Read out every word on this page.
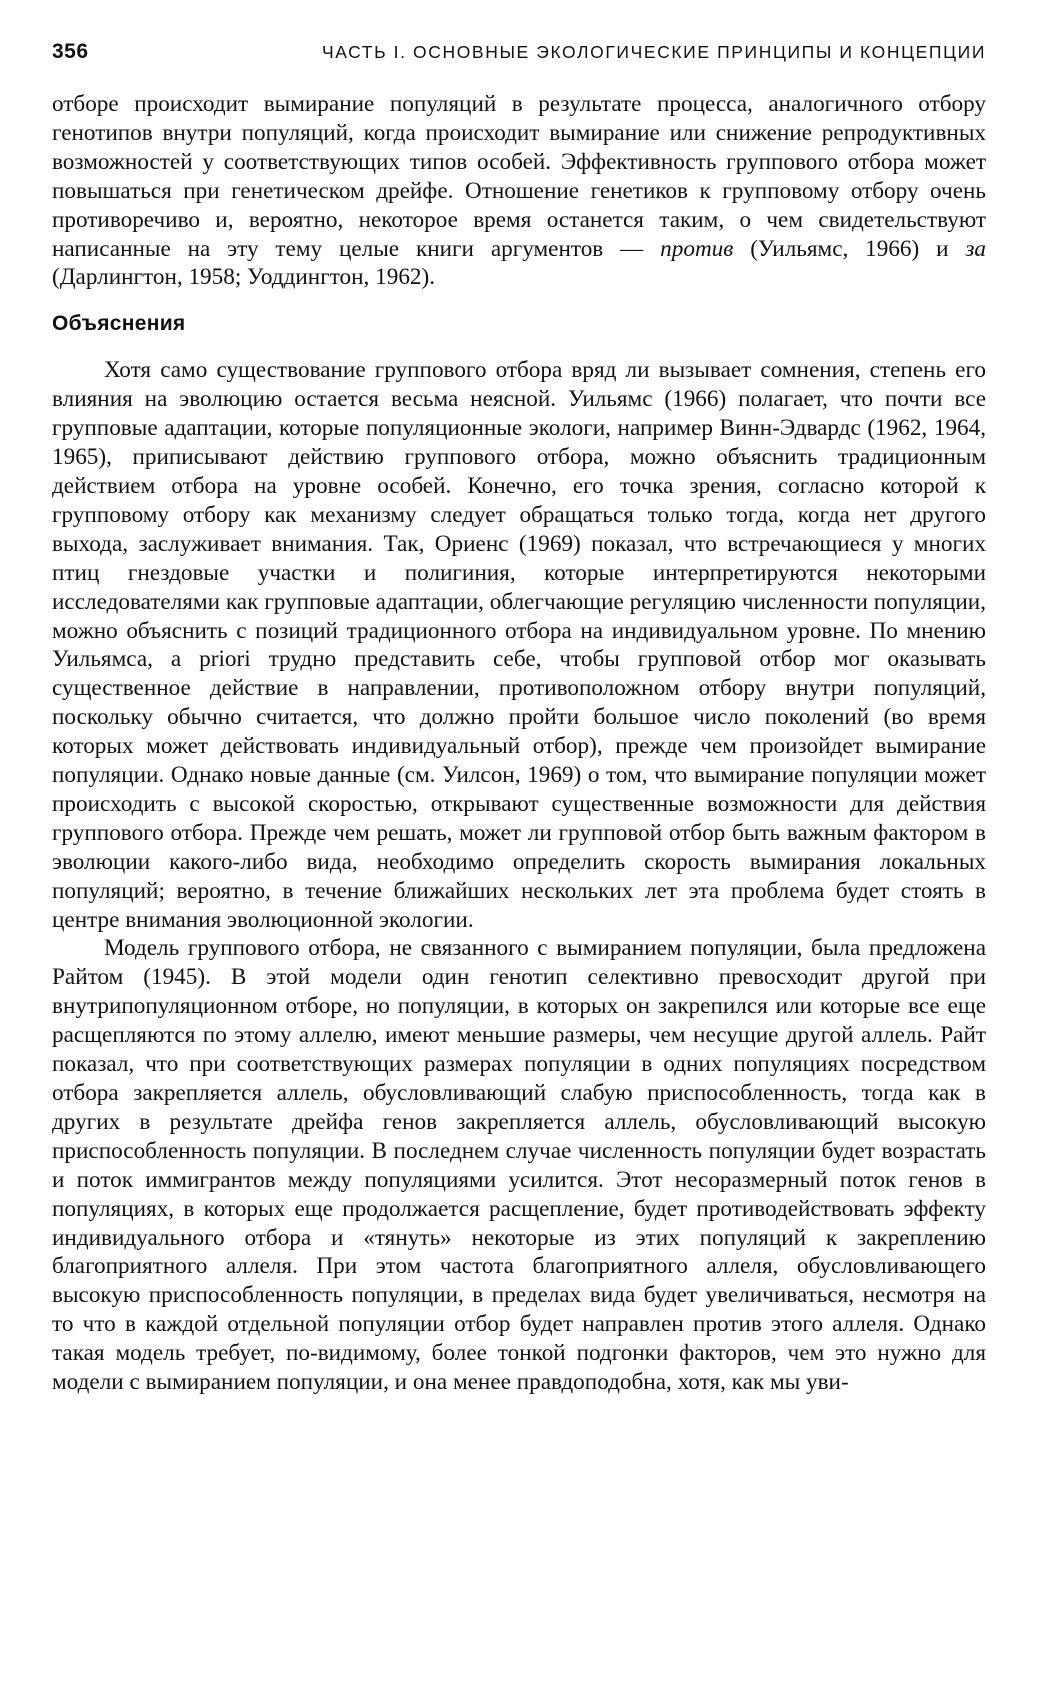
356	ЧАСТЬ I. ОСНОВНЫЕ ЭКОЛОГИЧЕСКИЕ ПРИНЦИПЫ И КОНЦЕПЦИИ

отборе происходит вымирание популяций в результате процесса, аналогичного отбору генотипов внутри популяций, когда происходит вымирание или снижение репродуктивных возможностей у соответствующих типов особей. Эффективность группового отбора может повышаться при генетическом дрейфе. Отношение генетиков к групповому отбору очень противоречиво и, вероятно, некоторое время останется таким, о чем свидетельствуют написанные на эту тему целые книги аргументов — против (Уильямс, 1966) и за (Дарлингтон, 1958; Уоддингтон, 1962).

Объяснения

Хотя само существование группового отбора вряд ли вызывает сомнения, степень его влияния на эволюцию остается весьма неясной. Уильямс (1966) полагает, что почти все групповые адаптации, которые популяционные экологи, например Винн-Эдвардс (1962, 1964, 1965), приписывают действию группового отбора, можно объяснить традиционным действием отбора на уровне особей. Конечно, его точка зрения, согласно которой к групповому отбору как механизму следует обращаться только тогда, когда нет другого выхода, заслуживает внимания. Так, Ориенс (1969) показал, что встречающиеся у многих птиц гнездовые участки и полигиния, которые интерпретируются некоторыми исследователями как групповые адаптации, облегчающие регуляцию численности популяции, можно объяснить с позиций традиционного отбора на индивидуальном уровне. По мнению Уильямса, a priori трудно представить себе, чтобы групповой отбор мог оказывать существенное действие в направлении, противоположном отбору внутри популяций, поскольку обычно считается, что должно пройти большое число поколений (во время которых может действовать индивидуальный отбор), прежде чем произойдет вымирание популяции. Однако новые данные (см. Уилсон, 1969) о том, что вымирание популяции может происходить с высокой скоростью, открывают существенные возможности для действия группового отбора. Прежде чем решать, может ли групповой отбор быть важным фактором в эволюции какого-либо вида, необходимо определить скорость вымирания локальных популяций; вероятно, в течение ближайших нескольких лет эта проблема будет стоять в центре внимания эволюционной экологии.

Модель группового отбора, не связанного с вымиранием популяции, была предложена Райтом (1945). В этой модели один генотип селективно превосходит другой при внутрипопуляционном отборе, но популяции, в которых он закрепился или которые все еще расщепляются по этому аллелю, имеют меньшие размеры, чем несущие другой аллель. Райт показал, что при соответствующих размерах популяции в одних популяциях посредством отбора закрепляется аллель, обусловливающий слабую приспособленность, тогда как в других в результате дрейфа генов закрепляется аллель, обусловливающий высокую приспособленность популяции. В последнем случае численность популяции будет возрастать и поток иммигрантов между популяциями усилится. Этот несоразмерный поток генов в популяциях, в которых еще продолжается расщепление, будет противодействовать эффекту индивидуального отбора и «тянуть» некоторые из этих популяций к закреплению благоприятного аллеля. При этом частота благоприятного аллеля, обусловливающего высокую приспособленность популяции, в пределах вида будет увеличиваться, несмотря на то что в каждой отдельной популяции отбор будет направлен против этого аллеля. Однако такая модель требует, по-видимому, более тонкой подгонки факторов, чем это нужно для модели с вымиранием популяции, и она менее правдоподобна, хотя, как мы уви-
